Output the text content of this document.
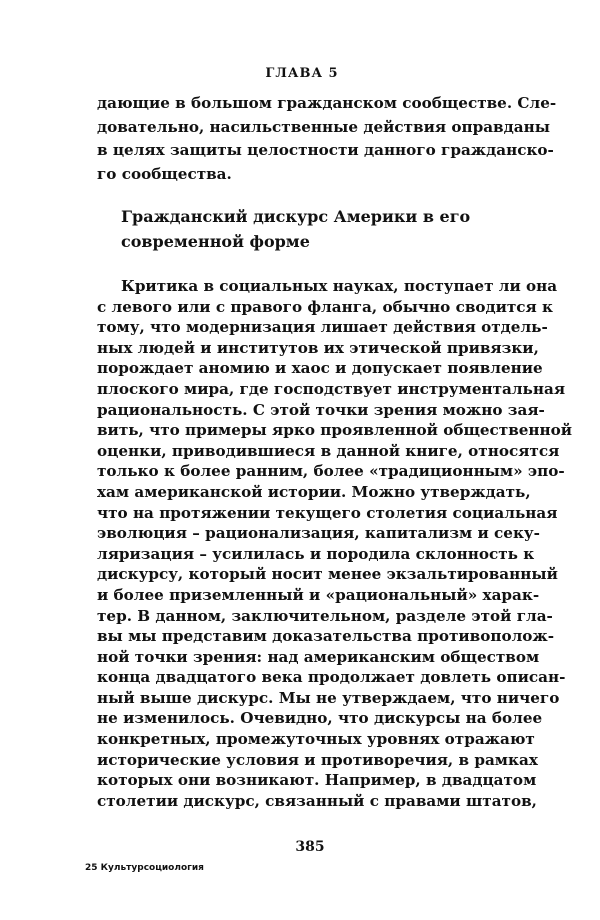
ГЛАВА 5
дающие в большом гражданском сообществе. Сле-
довательно, насильственные действия оправданы
в целях защиты целостности данного гражданско-
го сообщества.
Гражданский дискурс Америки в его
современной форме
Критика в социальных науках, поступает ли она
с левого или с правого фланга, обычно сводится к
тому, что модернизация лишает действия отдель-
ных людей и институтов их этической привязки,
порождает аномию и хаос и допускает появление
плоского мира, где господствует инструментальная
рациональность. С этой точки зрения можно зая-
вить, что примеры ярко проявленной общественной
оценки, приводившиеся в данной книге, относятся
только к более ранним, более «традиционным» эпо-
хам американской истории. Можно утверждать,
что на протяжении текущего столетия социальная
эволюция – рационализация, капитализм и секу-
ляризация – усилилась и породила склонность к
дискурсу, который носит менее экзальтированный
и более приземленный и «рациональный» харак-
тер. В данном, заключительном, разделе этой гла-
вы мы представим доказательства противополож-
ной точки зрения: над американским обществом
конца двадцатого века продолжает довлеть описан-
ный выше дискурс. Мы не утверждаем, что ничего
не изменилось. Очевидно, что дискурсы на более
конкретных, промежуточных уровнях отражают
исторические условия и противоречия, в рамках
которых они возникают. Например, в двадцатом
столетии дискурс, связанный с правами штатов,
385
25 Культурсоциология
